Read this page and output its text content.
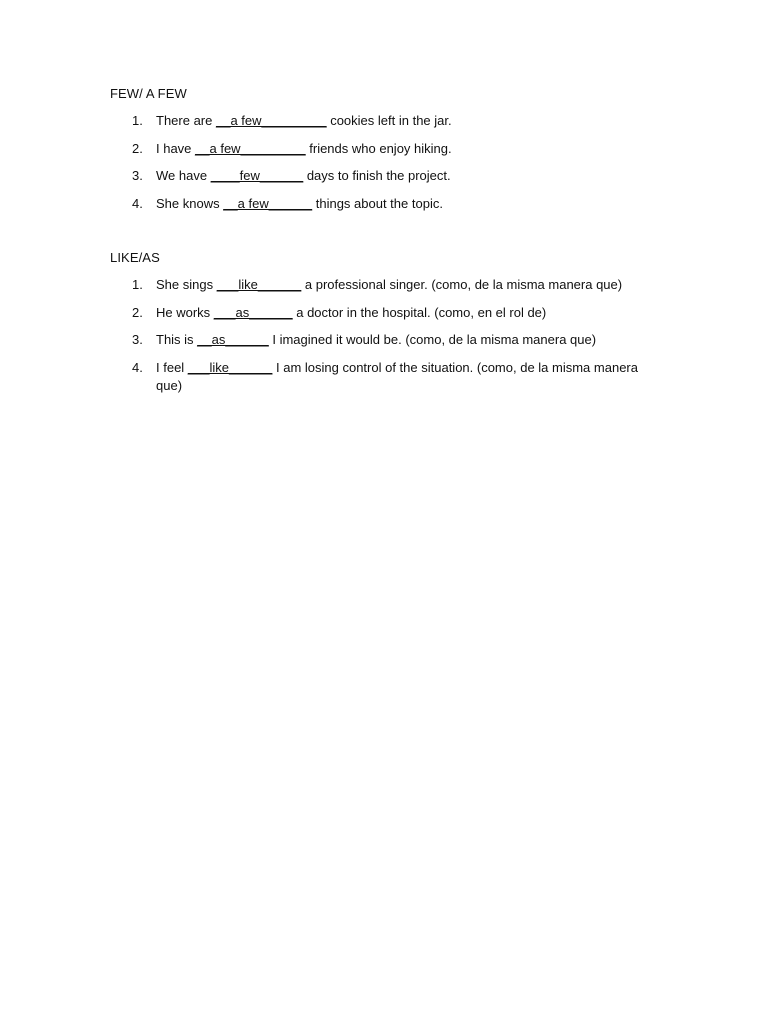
FEW/ A FEW
1. There are __a few_________ cookies left in the jar.
2. I have __a few_________ friends who enjoy hiking.
3. We have ____few______ days to finish the project.
4. She knows __a few______ things about the topic.
LIKE/AS
1. She sings ___like______ a professional singer. (como, de la misma manera que)
2. He works ___as______ a doctor in the hospital. (como, en el rol de)
3. This is __as______ I imagined it would be. (como, de la misma manera que)
4. I feel ___like______ I am losing control of the situation. (como, de la misma manera que)
